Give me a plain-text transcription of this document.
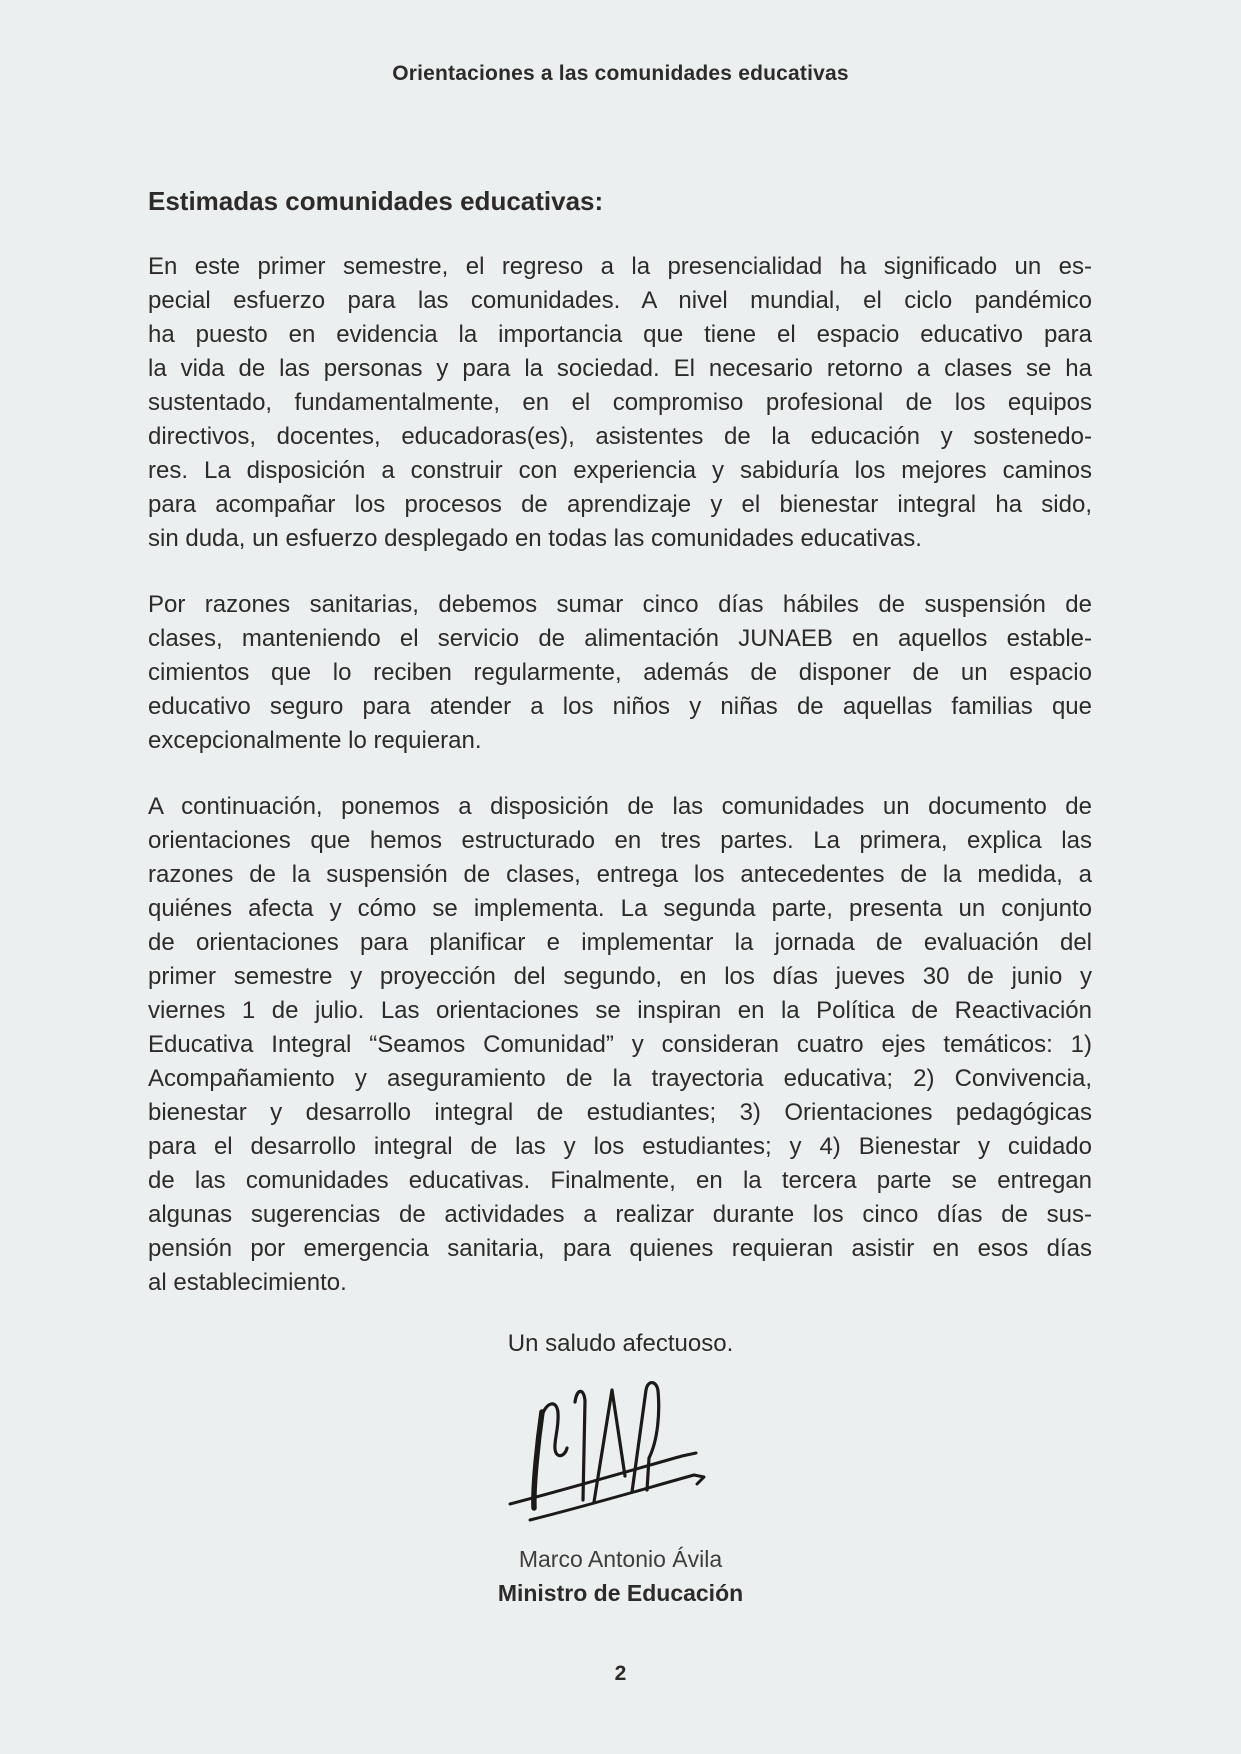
Orientaciones a las comunidades educativas
Estimadas comunidades educativas:
En este primer semestre, el regreso a la presencialidad ha significado un es-
pecial esfuerzo para las comunidades. A nivel mundial, el ciclo pandémico
ha puesto en evidencia la importancia que tiene el espacio educativo para
la vida de las personas y para la sociedad. El necesario retorno a clases se ha
sustentado, fundamentalmente, en el compromiso profesional de los equipos
directivos, docentes, educadoras(es), asistentes de la educación y sostenedo-
res. La disposición a construir con experiencia y sabiduría los mejores caminos
para acompañar los procesos de aprendizaje y el bienestar integral ha sido,
sin duda, un esfuerzo desplegado en todas las comunidades educativas.
Por razones sanitarias, debemos sumar cinco días hábiles de suspensión de
clases, manteniendo el servicio de alimentación JUNAEB en aquellos estable-
cimientos que lo reciben regularmente, además de disponer de un espacio
educativo seguro para atender a los niños y niñas de aquellas familias que
excepcionalmente lo requieran.
A continuación, ponemos a disposición de las comunidades un documento de
orientaciones que hemos estructurado en tres partes. La primera, explica las
razones de la suspensión de clases, entrega los antecedentes de la medida, a
quiénes afecta y cómo se implementa. La segunda parte, presenta un conjunto
de orientaciones para planificar e implementar la jornada de evaluación del
primer semestre y proyección del segundo, en los días jueves 30 de junio y
viernes 1 de julio. Las orientaciones se inspiran en la Política de Reactivación
Educativa Integral “Seamos Comunidad” y consideran cuatro ejes temáticos: 1)
Acompañamiento y aseguramiento de la trayectoria educativa; 2) Convivencia,
bienestar y desarrollo integral de estudiantes; 3) Orientaciones pedagógicas
para el desarrollo integral de las y los estudiantes; y 4) Bienestar y cuidado
de las comunidades educativas. Finalmente, en la tercera parte se entregan
algunas sugerencias de actividades a realizar durante los cinco días de sus-
pensión por emergencia sanitaria, para quienes requieran asistir en esos días
al establecimiento.
Un saludo afectuoso.
Marco Antonio Ávila
Ministro de Educación
2
